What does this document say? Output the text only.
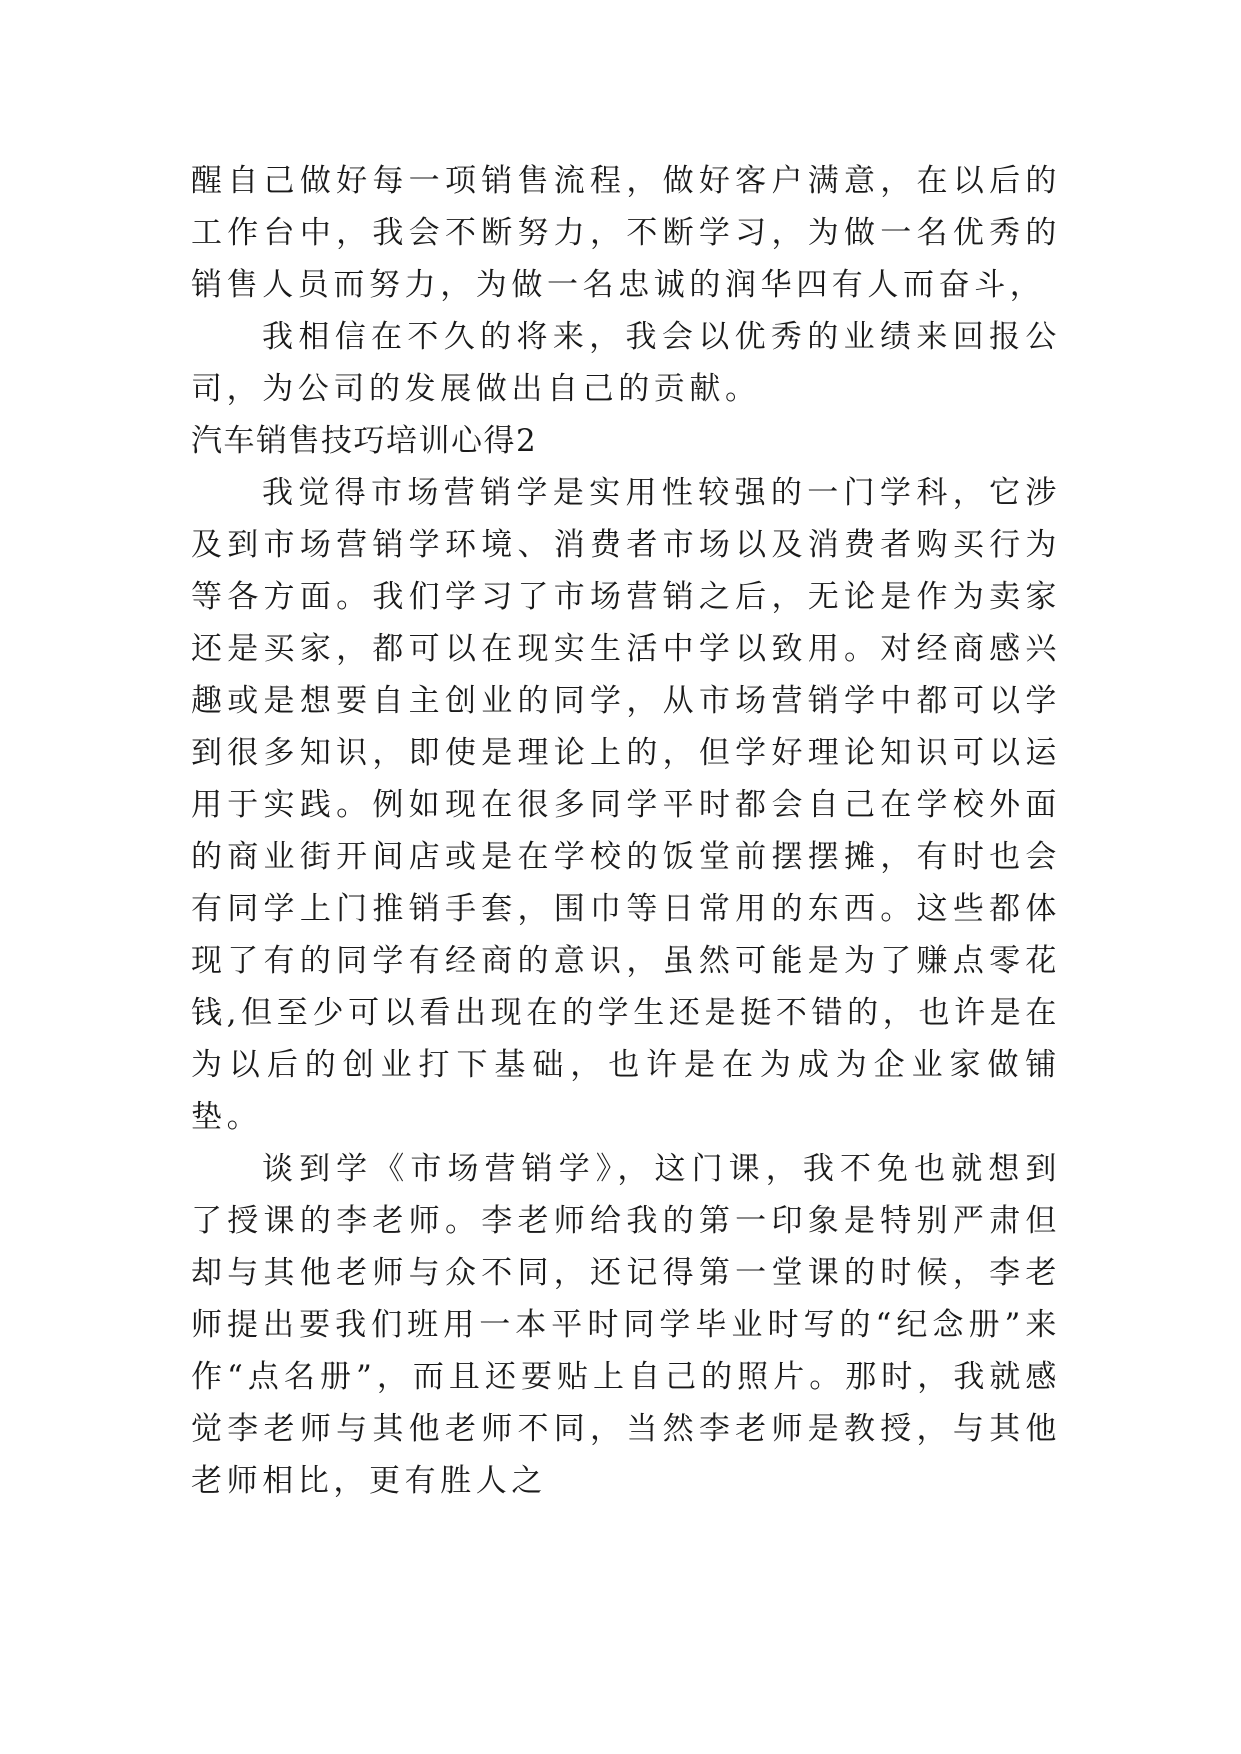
醒自己做好每一项销售流程，做好客户满意，在以后的工作台中，我会不断努力，不断学习，为做一名优秀的销售人员而努力，为做一名忠诚的润华四有人而奋斗，

我相信在不久的将来，我会以优秀的业绩来回报公司，为公司的发展做出自己的贡献。

汽车销售技巧培训心得2

我觉得市场营销学是实用性较强的一门学科，它涉及到市场营销学环境、消费者市场以及消费者购买行为等各方面。我们学习了市场营销之后，无论是作为卖家还是买家，都可以在现实生活中学以致用。对经商感兴趣或是想要自主创业的同学，从市场营销学中都可以学到很多知识，即使是理论上的，但学好理论知识可以运用于实践。例如现在很多同学平时都会自己在学校外面的商业街开间店或是在学校的饭堂前摆摆摊，有时也会有同学上门推销手套，围巾等日常用的东西。这些都体现了有的同学有经商的意识，虽然可能是为了赚点零花钱,但至少可以看出现在的学生还是挺不错的，也许是在为以后的创业打下基础，也许是在为成为企业家做铺垫。

谈到学《市场营销学》，这门课，我不免也就想到了授课的李老师。李老师给我的第一印象是特别严肃但却与其他老师与众不同，还记得第一堂课的时候，李老师提出要我们班用一本平时同学毕业时写的“纪念册”来作“点名册”，而且还要贴上自己的照片。那时，我就感觉李老师与其他老师不同，当然李老师是教授，与其他老师相比，更有胜人之
